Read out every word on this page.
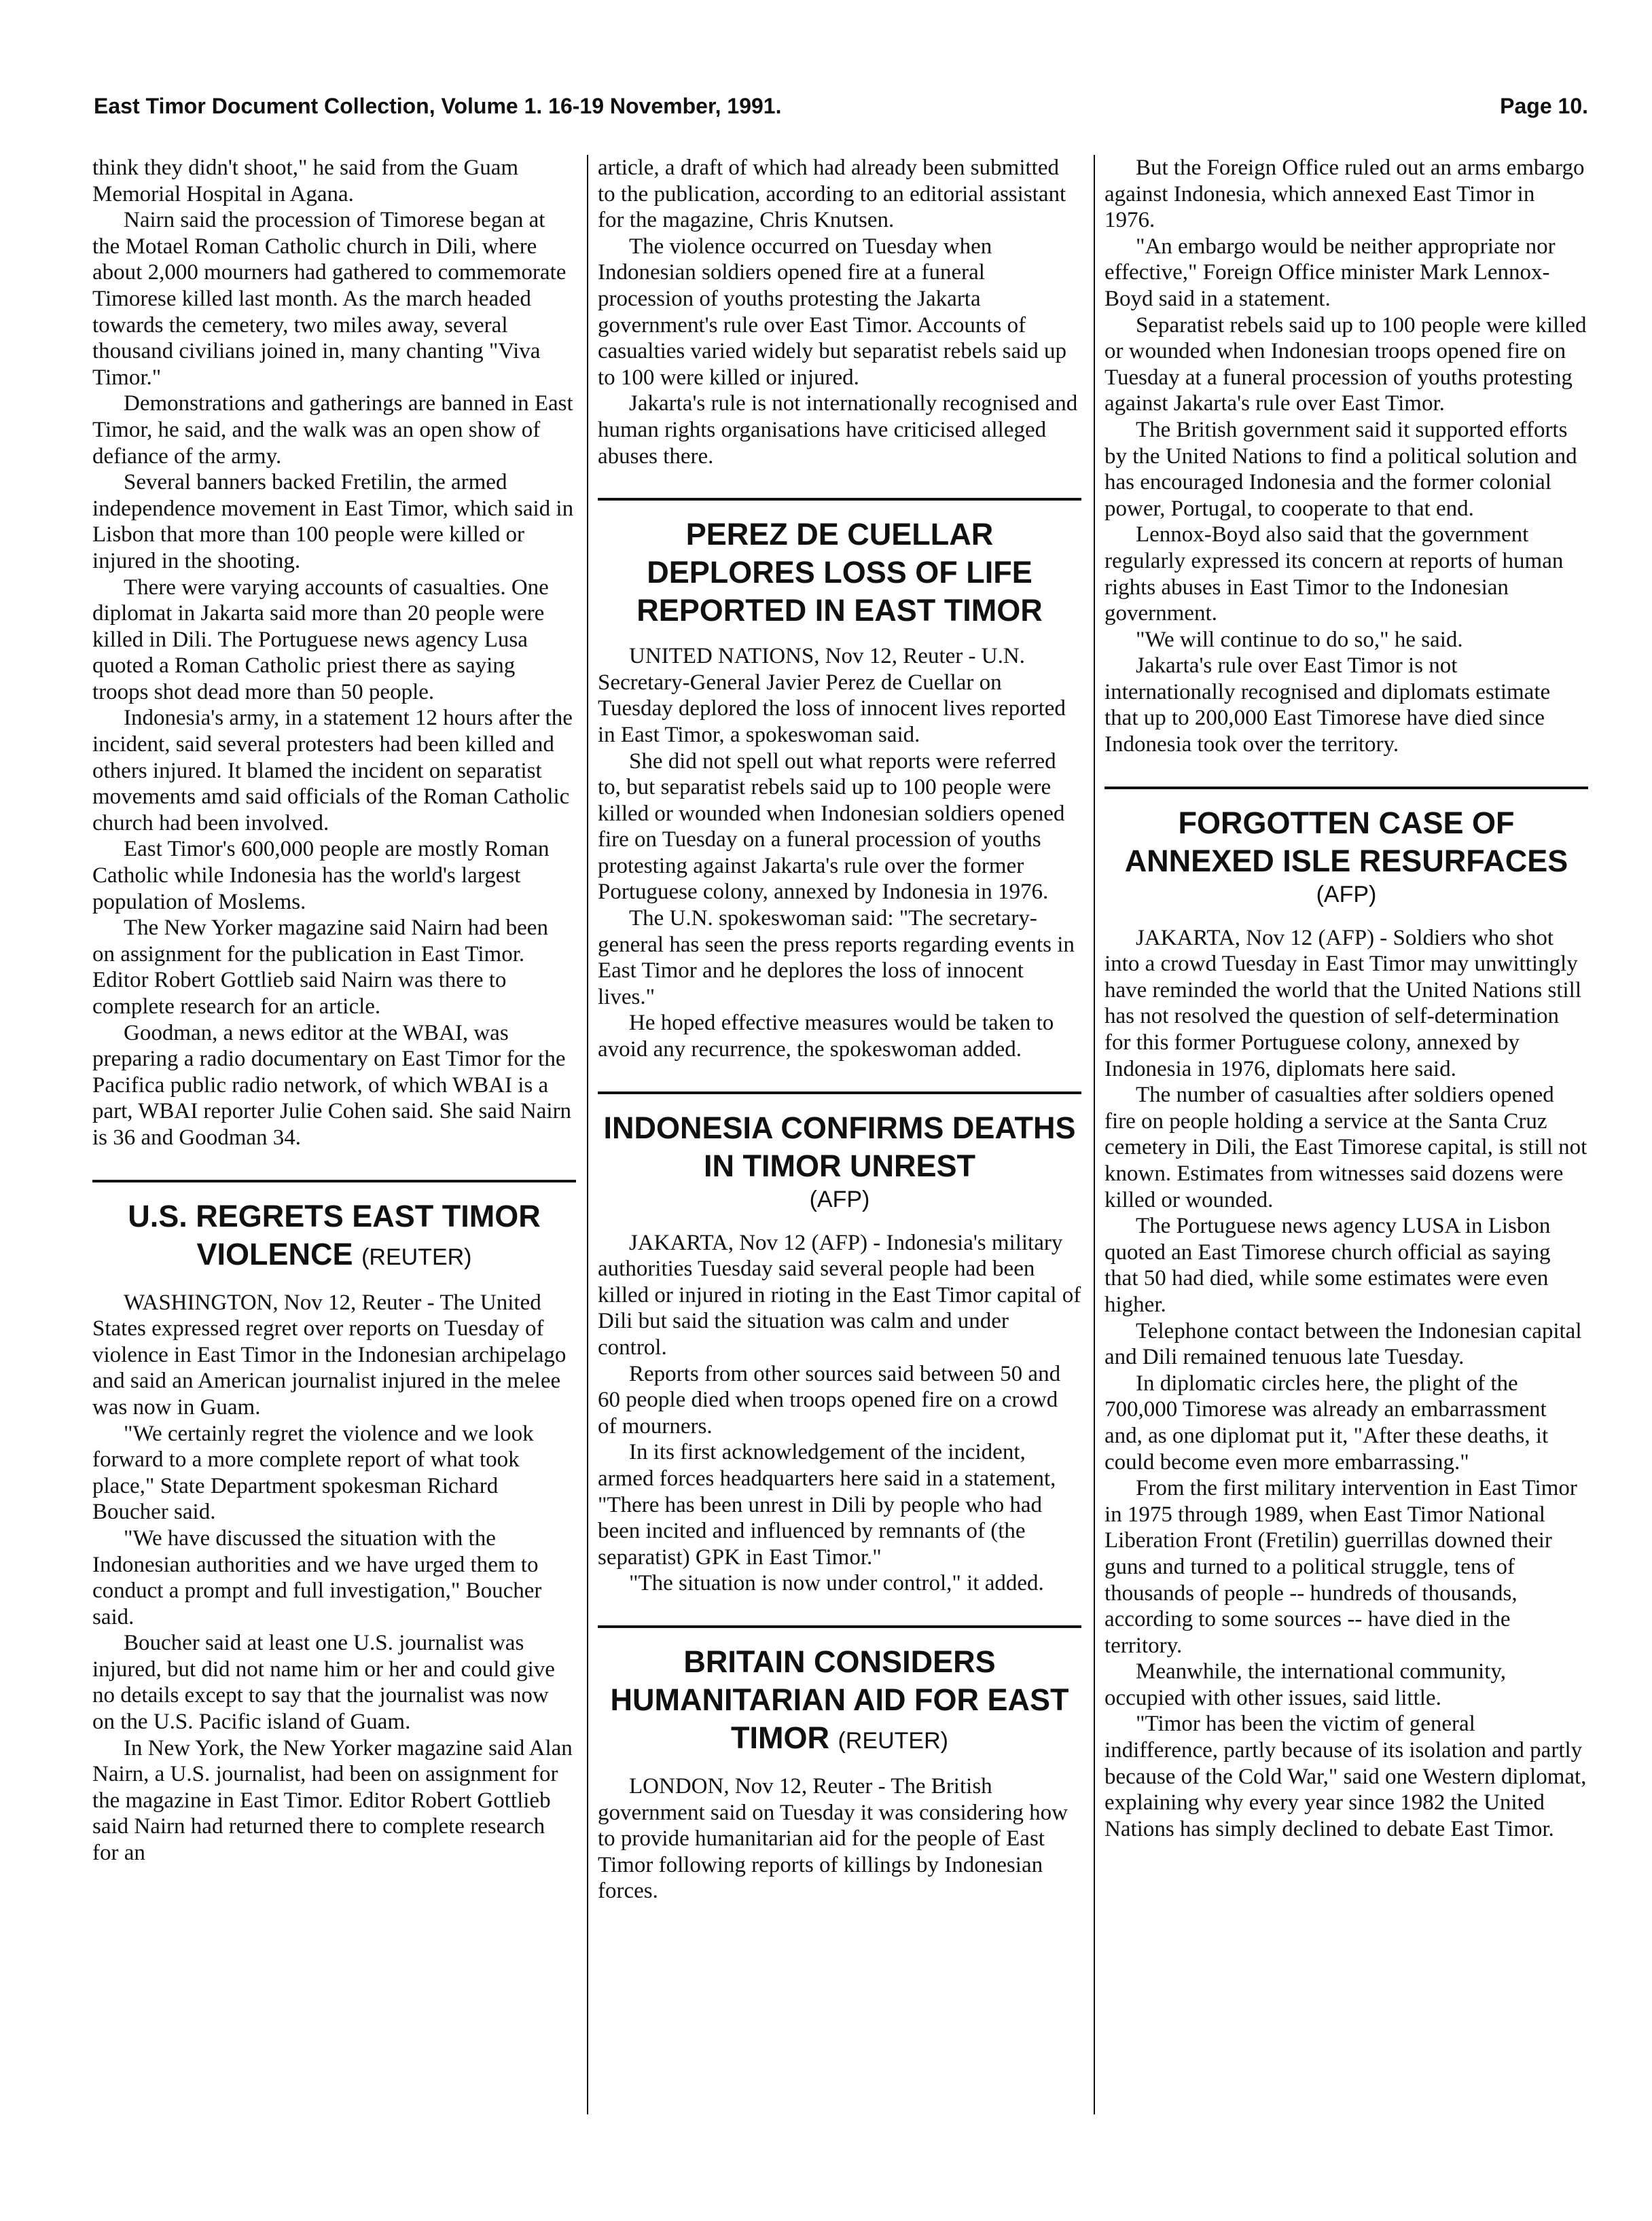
East Timor Document Collection, Volume 1. 16-19 November, 1991.	Page 10.

think they didn't shoot," he said from the Guam Memorial Hospital in Agana.

Nairn said the procession of Timorese began at the Motael Roman Catholic church in Dili, where about 2,000 mourners had gathered to commemorate Timorese killed last month. As the march headed towards the cemetery, two miles away, several thousand civilians joined in, many chanting "Viva Timor."

Demonstrations and gatherings are banned in East Timor, he said, and the walk was an open show of defiance of the army.

Several banners backed Fretilin, the armed independence movement in East Timor, which said in Lisbon that more than 100 people were killed or injured in the shooting.

There were varying accounts of casualties. One diplomat in Jakarta said more than 20 people were killed in Dili. The Portuguese news agency Lusa quoted a Roman Catholic priest there as saying troops shot dead more than 50 people.

Indonesia's army, in a statement 12 hours after the incident, said several protesters had been killed and others injured. It blamed the incident on separatist movements amd said officials of the Roman Catholic church had been involved.

East Timor's 600,000 people are mostly Roman Catholic while Indonesia has the world's largest population of Moslems.

The New Yorker magazine said Nairn had been on assignment for the publication in East Timor. Editor Robert Gottlieb said Nairn was there to complete research for an article.

Goodman, a news editor at the WBAI, was preparing a radio documentary on East Timor for the Pacifica public radio network, of which WBAI is a part, WBAI reporter Julie Cohen said. She said Nairn is 36 and Goodman 34.

U.S. REGRETS EAST TIMOR VIOLENCE (REUTER)

WASHINGTON, Nov 12, Reuter - The United States expressed regret over reports on Tuesday of violence in East Timor in the Indonesian archipelago and said an American journalist injured in the melee was now in Guam.

"We certainly regret the violence and we look forward to a more complete report of what took place," State Department spokesman Richard Boucher said.

"We have discussed the situation with the Indonesian authorities and we have urged them to conduct a prompt and full investigation," Boucher said.

Boucher said at least one U.S. journalist was injured, but did not name him or her and could give no details except to say that the journalist was now on the U.S. Pacific island of Guam.

In New York, the New Yorker magazine said Alan Nairn, a U.S. journalist, had been on assignment for the magazine in East Timor. Editor Robert Gottlieb said Nairn had returned there to complete research for an

article, a draft of which had already been submitted to the publication, according to an editorial assistant for the magazine, Chris Knutsen.

The violence occurred on Tuesday when Indonesian soldiers opened fire at a funeral procession of youths protesting the Jakarta government's rule over East Timor. Accounts of casualties varied widely but separatist rebels said up to 100 were killed or injured.

Jakarta's rule is not internationally recognised and human rights organisations have criticised alleged abuses there.

PEREZ DE CUELLAR DEPLORES LOSS OF LIFE REPORTED IN EAST TIMOR

UNITED NATIONS, Nov 12, Reuter - U.N. Secretary-General Javier Perez de Cuellar on Tuesday deplored the loss of innocent lives reported in East Timor, a spokeswoman said.

She did not spell out what reports were referred to, but separatist rebels said up to 100 people were killed or wounded when Indonesian soldiers opened fire on Tuesday on a funeral procession of youths protesting against Jakarta's rule over the former Portuguese colony, annexed by Indonesia in 1976.

The U.N. spokeswoman said: "The secretary-general has seen the press reports regarding events in East Timor and he deplores the loss of innocent lives."

He hoped effective measures would be taken to avoid any recurrence, the spokeswoman added.

INDONESIA CONFIRMS DEATHS IN TIMOR UNREST
(AFP)

JAKARTA, Nov 12 (AFP) - Indonesia's military authorities Tuesday said several people had been killed or injured in rioting in the East Timor capital of Dili but said the situation was calm and under control.

Reports from other sources said between 50 and 60 people died when troops opened fire on a crowd of mourners.

In its first acknowledgement of the incident, armed forces headquarters here said in a statement, "There has been unrest in Dili by people who had been incited and influenced by remnants of (the separatist) GPK in East Timor."

"The situation is now under control," it added.

BRITAIN CONSIDERS HUMANITARIAN AID FOR EAST TIMOR (REUTER)

LONDON, Nov 12, Reuter - The British government said on Tuesday it was considering how to provide humanitarian aid for the people of East Timor following reports of killings by Indonesian forces.

But the Foreign Office ruled out an arms embargo against Indonesia, which annexed East Timor in 1976.

"An embargo would be neither appropriate nor effective," Foreign Office minister Mark Lennox-Boyd said in a statement.

Separatist rebels said up to 100 people were killed or wounded when Indonesian troops opened fire on Tuesday at a funeral procession of youths protesting against Jakarta's rule over East Timor.

The British government said it supported efforts by the United Nations to find a political solution and has encouraged Indonesia and the former colonial power, Portugal, to cooperate to that end.

Lennox-Boyd also said that the government regularly expressed its concern at reports of human rights abuses in East Timor to the Indonesian government.

"We will continue to do so," he said.

Jakarta's rule over East Timor is not internationally recognised and diplomats estimate that up to 200,000 East Timorese have died since Indonesia took over the territory.

FORGOTTEN CASE OF ANNEXED ISLE RESURFACES
(AFP)

JAKARTA, Nov 12 (AFP) - Soldiers who shot into a crowd Tuesday in East Timor may unwittingly have reminded the world that the United Nations still has not resolved the question of self-determination for this former Portuguese colony, annexed by Indonesia in 1976, diplomats here said.

The number of casualties after soldiers opened fire on people holding a service at the Santa Cruz cemetery in Dili, the East Timorese capital, is still not known. Estimates from witnesses said dozens were killed or wounded.

The Portuguese news agency LUSA in Lisbon quoted an East Timorese church official as saying that 50 had died, while some estimates were even higher.

Telephone contact between the Indonesian capital and Dili remained tenuous late Tuesday.

In diplomatic circles here, the plight of the 700,000 Timorese was already an embarrassment and, as one diplomat put it, "After these deaths, it could become even more embarrassing."

From the first military intervention in East Timor in 1975 through 1989, when East Timor National Liberation Front (Fretilin) guerrillas downed their guns and turned to a political struggle, tens of thousands of people -- hundreds of thousands, according to some sources -- have died in the territory.

Meanwhile, the international community, occupied with other issues, said little.

"Timor has been the victim of general indifference, partly because of its isolation and partly because of the Cold War," said one Western diplomat, explaining why every year since 1982 the United Nations has simply declined to debate East Timor.
